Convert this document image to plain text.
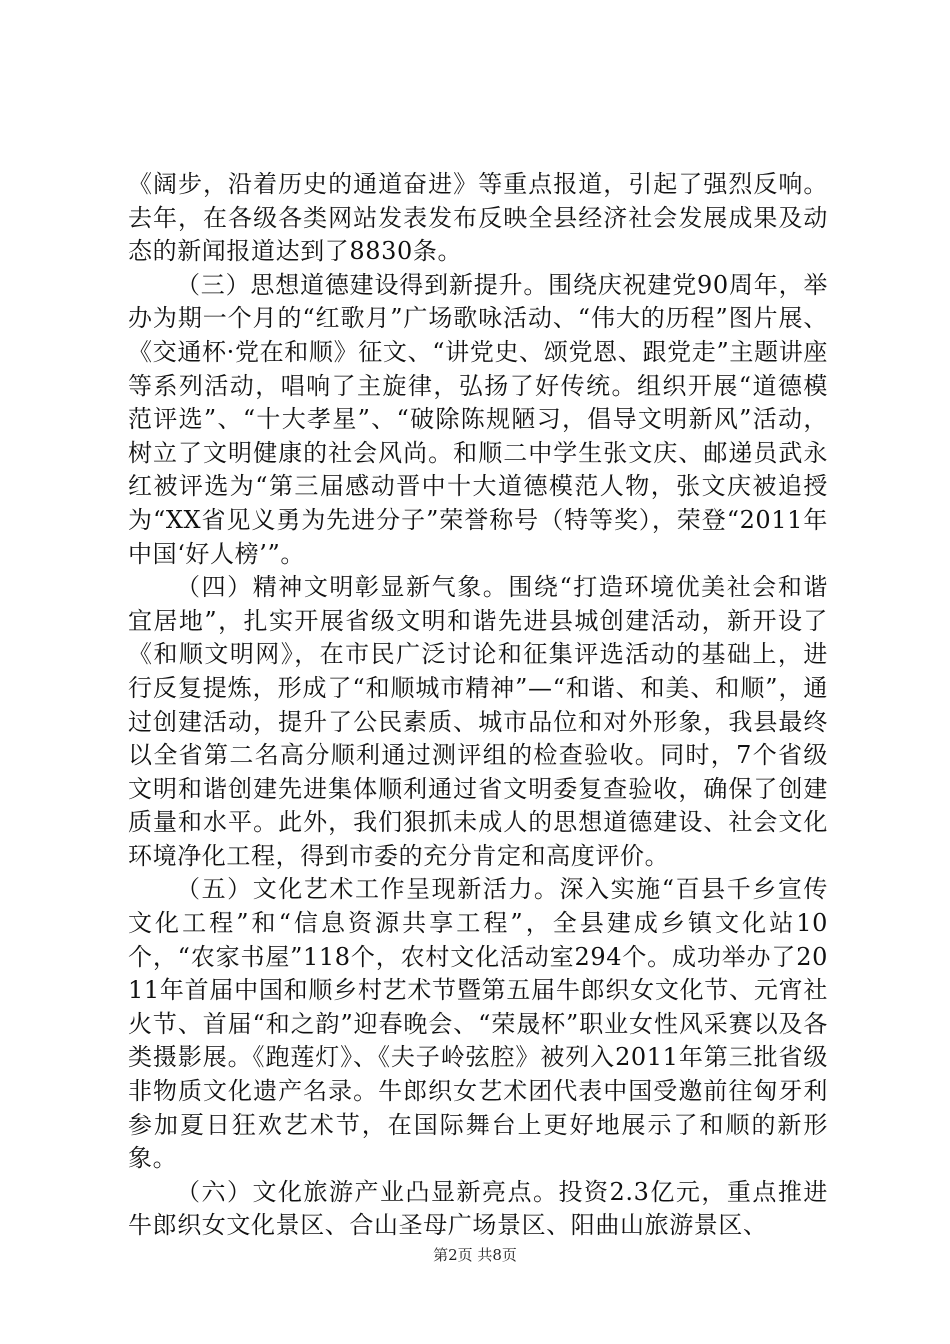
《阔步，沿着历史的通道奋进》等重点报道，引起了强烈反响。去年，在各级各类网站发表发布反映全县经济社会发展成果及动态的新闻报道达到了8830条。

（三）思想道德建设得到新提升。围绕庆祝建党90周年，举办为期一个月的“红歌月”广场歌咏活动、“伟大的历程”图片展、《交通杯·党在和顺》征文、“讲党史、颂党恩、跟党走”主题讲座等系列活动，唱响了主旋律，弘扬了好传统。组织开展“道德模范评选”、“十大孝星”、“破除陈规陋习，倡导文明新风”活动，树立了文明健康的社会风尚。和顺二中学生张文庆、邮递员武永红被评选为“第三届感动晋中十大道德模范人物，张文庆被追授为“XX省见义勇为先进分子”荣誉称号（特等奖），荣登“2011年中国‘好人榜’”。

（四）精神文明彰显新气象。围绕“打造环境优美社会和谐宜居地”，扎实开展省级文明和谐先进县城创建活动，新开设了《和顺文明网》，在市民广泛讨论和征集评选活动的基础上，进行反复提炼，形成了“和顺城市精神”—“和谐、和美、和顺”，通过创建活动，提升了公民素质、城市品位和对外形象，我县最终以全省第二名高分顺利通过测评组的检查验收。同时，7个省级文明和谐创建先进集体顺利通过省文明委复查验收，确保了创建质量和水平。此外，我们狠抓未成人的思想道德建设、社会文化环境净化工程，得到市委的充分肯定和高度评价。

（五）文化艺术工作呈现新活力。深入实施“百县千乡宣传文化工程”和“信息资源共享工程”，全县建成乡镇文化站10个，“农家书屋”118个，农村文化活动室294个。成功举办了2011年首届中国和顺乡村艺术节暨第五届牛郎织女文化节、元宵社火节、首届“和之韵”迎春晚会、“荣晟杯”职业女性风采赛以及各类摄影展。《跑莲灯》、《夫子岭弦腔》被列入2011年第三批省级非物质文化遗产名录。牛郎织女艺术团代表中国受邀前往匈牙利参加夏日狂欢艺术节，在国际舞台上更好地展示了和顺的新形象。

（六）文化旅游产业凸显新亮点。投资2.3亿元，重点推进牛郎织女文化景区、合山圣母广场景区、阳曲山旅游景区、

第2页 共8页
